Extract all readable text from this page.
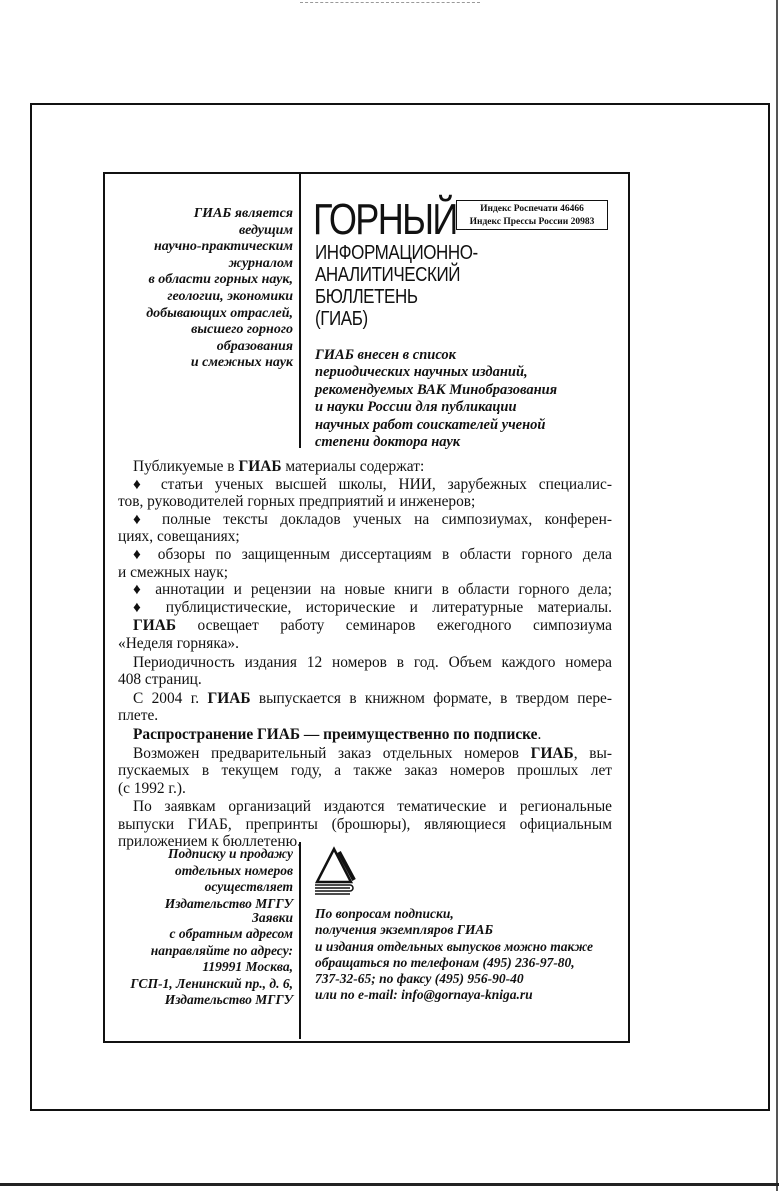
ГИАБ является
ведущим
научно-практическим
журналом
в области горных наук,
геологии, экономики
добывающих отраслей,
высшего горного
образования
и смежных наук
ГОРНЫЙ	Индекс Роспечати 46466
Индекс Прессы России 20983
ИНФОРМАЦИОННО-
АНАЛИТИЧЕСКИЙ
БЮЛЛЕТЕНЬ
(ГИАБ)
ГИАБ внесен в список
периодических научных изданий,
рекомендуемых ВАК Минобразования
и науки России для публикации
научных работ соискателей ученой
степени доктора наук
Публикуемые в ГИАБ материалы содержат:
♦ статьи ученых высшей школы, НИИ, зарубежных специалис-
тов, руководителей горных предприятий и инженеров;
♦ полные тексты докладов ученых на симпозиумах, конферен-
циях, совещаниях;
♦ обзоры по защищенным диссертациям в области горного дела
и смежных наук;
♦ аннотации и рецензии на новые книги в области горного дела;
♦ публицистические, исторические и литературные материалы.
ГИАБ освещает работу семинаров ежегодного симпозиума
«Неделя горняка».
Периодичность издания 12 номеров в год. Объем каждого номера
408 страниц.
С 2004 г. ГИАБ выпускается в книжном формате, в твердом пере-
плете.
Распространение ГИАБ — преимущественно по подписке.
Возможен предварительный заказ отдельных номеров ГИАБ, вы-
пускаемых в текущем году, а также заказ номеров прошлых лет
(с 1992 г.).
По заявкам организаций издаются тематические и региональные
выпуски ГИАБ, препринты (брошюры), являющиеся официальным
приложением к бюллетеню.
Подписку и продажу
отдельных номеров
осуществляет
Издательство МГГУ
Заявки
с обратным адресом
направляйте по адресу:
119991 Москва,
ГСП-1, Ленинский пр., д. 6,
Издательство МГГУ
По вопросам подписки,
получения экземпляров ГИАБ
и издания отдельных выпусков можно также
обращаться по телефонам (495) 236-97-80,
737-32-65; по факсу (495) 956-90-40
или по e-mail: info@gornaya-kniga.ru
